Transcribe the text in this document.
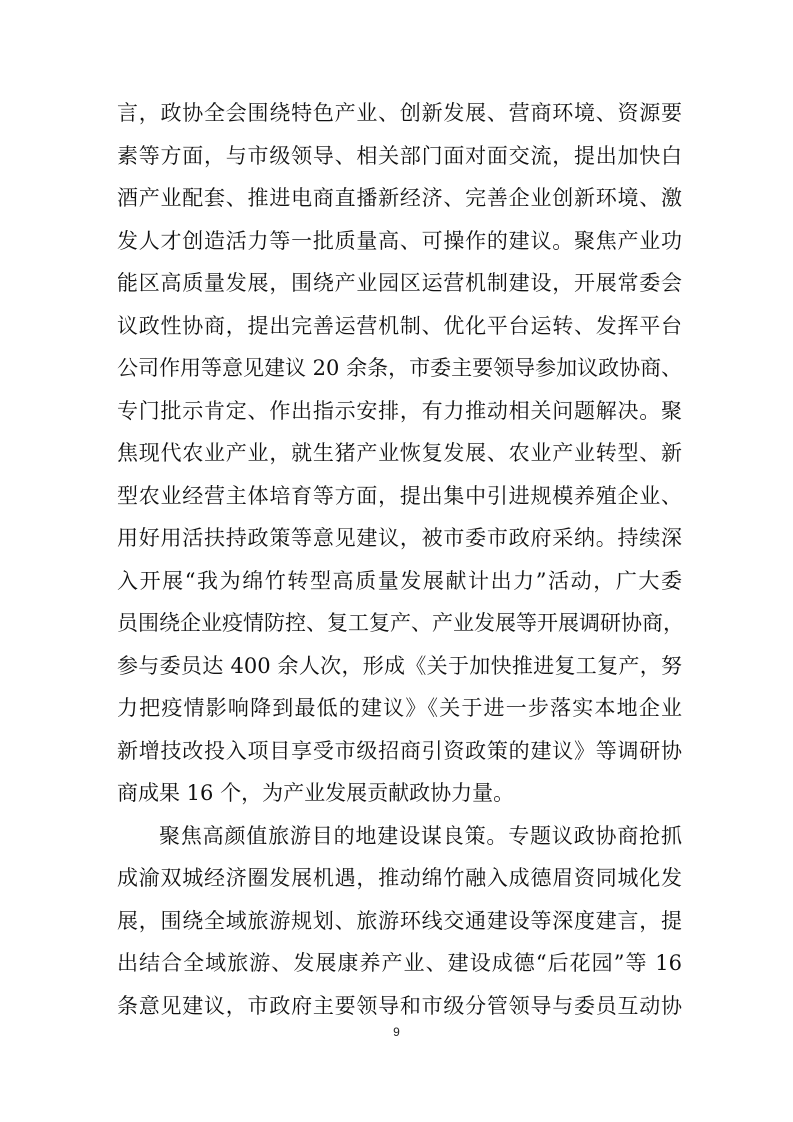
言，政协全会围绕特色产业、创新发展、营商环境、资源要
素等方面，与市级领导、相关部门面对面交流，提出加快白
酒产业配套、推进电商直播新经济、完善企业创新环境、激
发人才创造活力等一批质量高、可操作的建议。聚焦产业功
能区高质量发展，围绕产业园区运营机制建设，开展常委会
议政性协商，提出完善运营机制、优化平台运转、发挥平台
公司作用等意见建议 20 余条，市委主要领导参加议政协商、
专门批示肯定、作出指示安排，有力推动相关问题解决。聚
焦现代农业产业，就生猪产业恢复发展、农业产业转型、新
型农业经营主体培育等方面，提出集中引进规模养殖企业、
用好用活扶持政策等意见建议，被市委市政府采纳。持续深
入开展“我为绵竹转型高质量发展献计出力”活动，广大委
员围绕企业疫情防控、复工复产、产业发展等开展调研协商，
参与委员达 400 余人次，形成《关于加快推进复工复产，努
力把疫情影响降到最低的建议》《关于进一步落实本地企业
新增技改投入项目享受市级招商引资政策的建议》等调研协
商成果 16 个，为产业发展贡献政协力量。
聚焦高颜值旅游目的地建设谋良策。专题议政协商抢抓
成渝双城经济圈发展机遇，推动绵竹融入成德眉资同城化发
展，围绕全域旅游规划、旅游环线交通建设等深度建言，提
出结合全域旅游、发展康养产业、建设成德“后花园”等 16
条意见建议，市政府主要领导和市级分管领导与委员互动协
9
